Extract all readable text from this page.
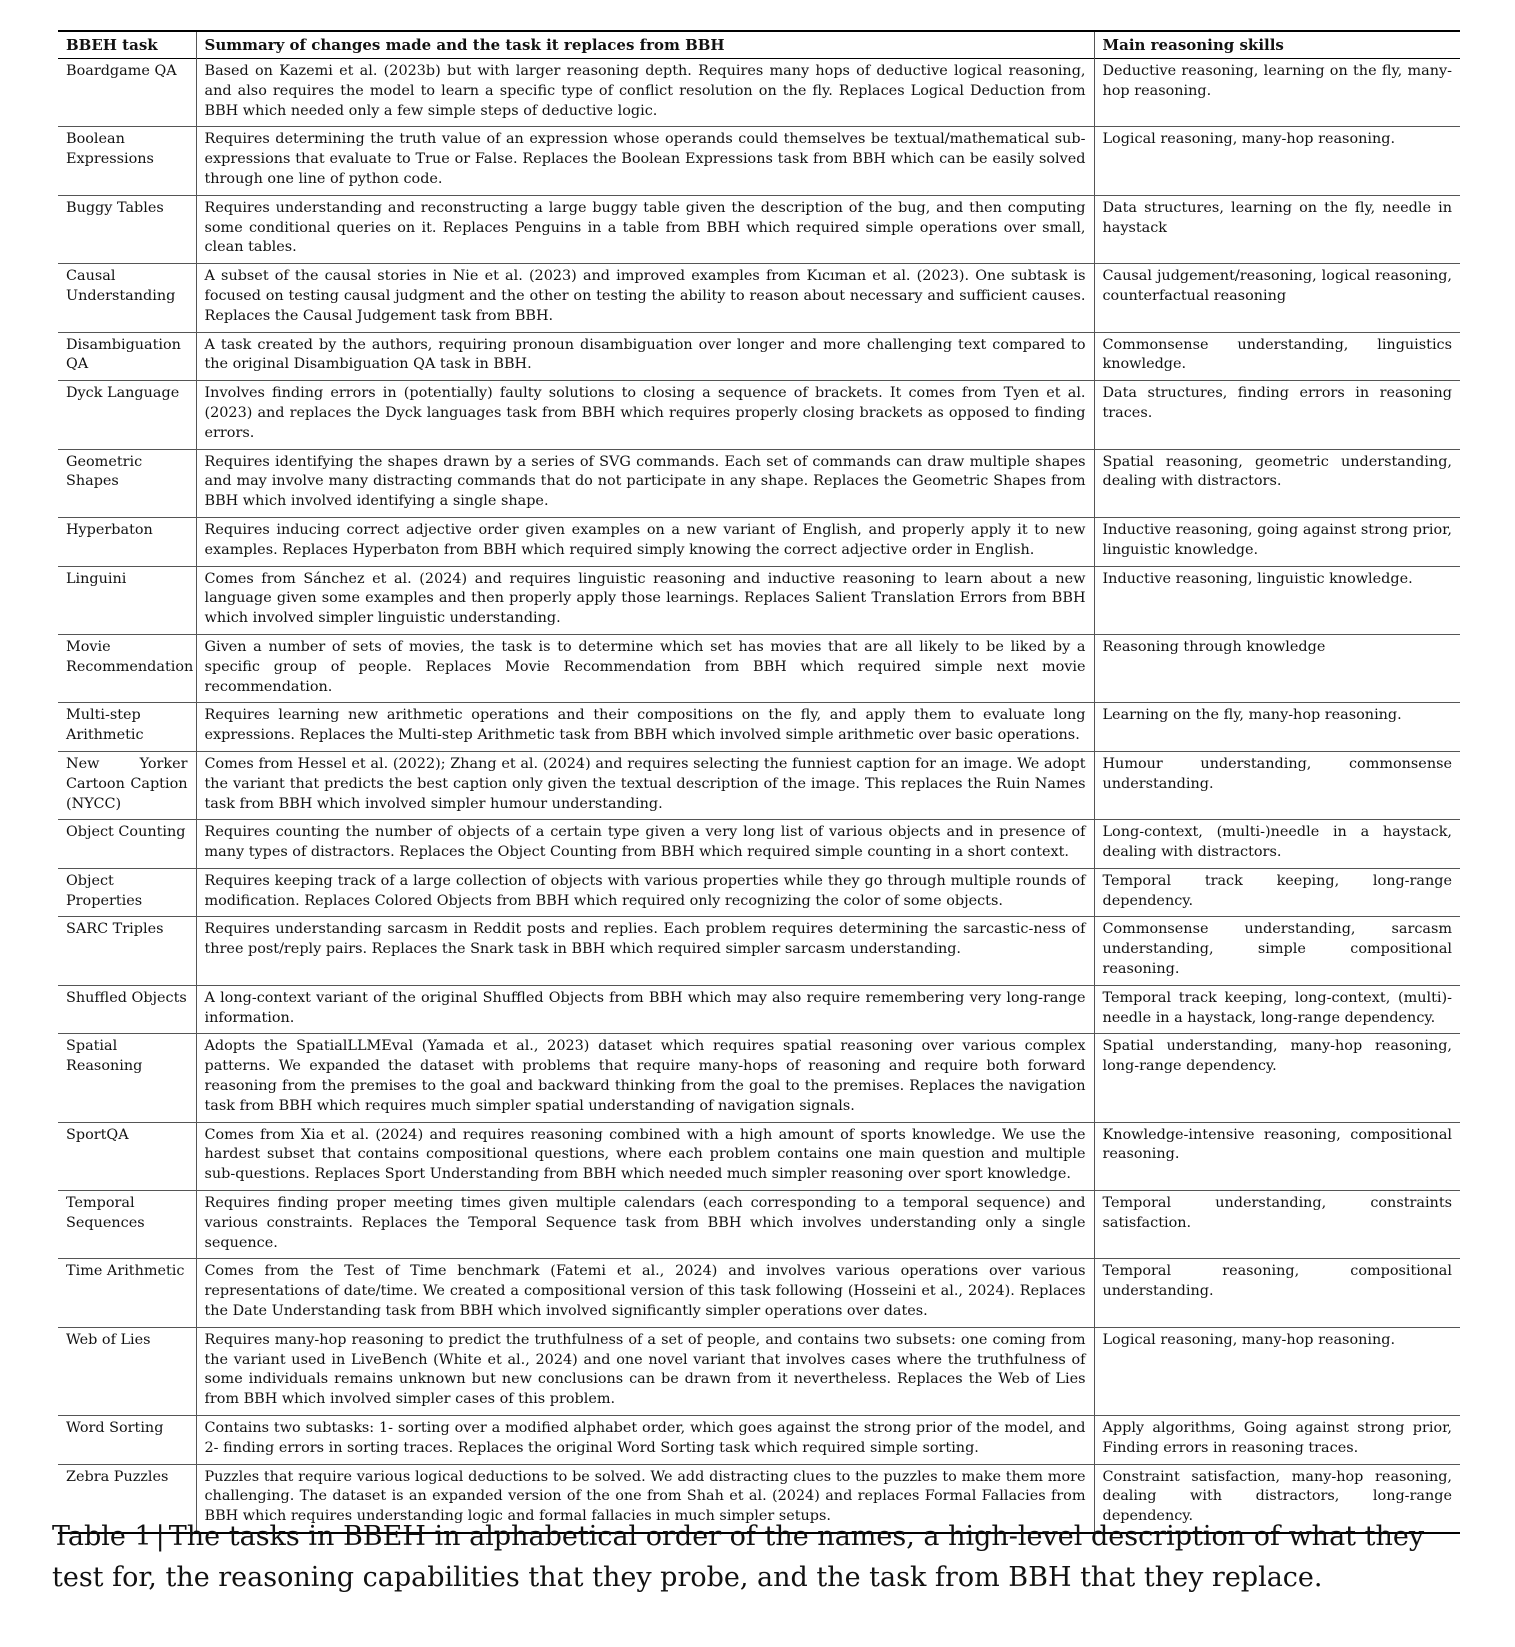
BBEH task	Summary of changes made and the task it replaces from BBH	Main reasoning skills
Boardgame QA	Based on Kazemi et al. (2023b) but with larger reasoning depth. Requires many hops of deductive logical reasoning, and also requires the model to learn a specific type of conflict resolution on the fly. Replaces Logical Deduction from BBH which needed only a few simple steps of deductive logic.	Deductive reasoning, learning on the fly, many-hop reasoning.
Boolean Expressions	Requires determining the truth value of an expression whose operands could themselves be textual/mathematical sub-expressions that evaluate to True or False. Replaces the Boolean Expressions task from BBH which can be easily solved through one line of python code.	Logical reasoning, many-hop reasoning.
Buggy Tables	Requires understanding and reconstructing a large buggy table given the description of the bug, and then computing some conditional queries on it. Replaces Penguins in a table from BBH which required simple operations over small, clean tables.	Data structures, learning on the fly, needle in haystack
Causal Understanding	A subset of the causal stories in Nie et al. (2023) and improved examples from Kıcıman et al. (2023). One subtask is focused on testing causal judgment and the other on testing the ability to reason about necessary and sufficient causes. Replaces the Causal Judgement task from BBH.	Causal judgement/reasoning, logical reasoning, counterfactual reasoning
Disambiguation QA	A task created by the authors, requiring pronoun disambiguation over longer and more challenging text compared to the original Disambiguation QA task in BBH.	Commonsense understanding, linguistics knowledge.
Dyck Language	Involves finding errors in (potentially) faulty solutions to closing a sequence of brackets. It comes from Tyen et al. (2023) and replaces the Dyck languages task from BBH which requires properly closing brackets as opposed to finding errors.	Data structures, finding errors in reasoning traces.
Geometric Shapes	Requires identifying the shapes drawn by a series of SVG commands. Each set of commands can draw multiple shapes and may involve many distracting commands that do not participate in any shape. Replaces the Geometric Shapes from BBH which involved identifying a single shape.	Spatial reasoning, geometric understanding, dealing with distractors.
Hyperbaton	Requires inducing correct adjective order given examples on a new variant of English, and properly apply it to new examples. Replaces Hyperbaton from BBH which required simply knowing the correct adjective order in English.	Inductive reasoning, going against strong prior, linguistic knowledge.
Linguini	Comes from Sánchez et al. (2024) and requires linguistic reasoning and inductive reasoning to learn about a new language given some examples and then properly apply those learnings. Replaces Salient Translation Errors from BBH which involved simpler linguistic understanding.	Inductive reasoning, linguistic knowledge.
Movie Recommendation	Given a number of sets of movies, the task is to determine which set has movies that are all likely to be liked by a specific group of people. Replaces Movie Recommendation from BBH which required simple next movie recommendation.	Reasoning through knowledge
Multi-step Arithmetic	Requires learning new arithmetic operations and their compositions on the fly, and apply them to evaluate long expressions. Replaces the Multi-step Arithmetic task from BBH which involved simple arithmetic over basic operations.	Learning on the fly, many-hop reasoning.
New Yorker Cartoon Caption (NYCC)	Comes from Hessel et al. (2022); Zhang et al. (2024) and requires selecting the funniest caption for an image. We adopt the variant that predicts the best caption only given the textual description of the image. This replaces the Ruin Names task from BBH which involved simpler humour understanding.	Humour understanding, commonsense understanding.
Object Counting	Requires counting the number of objects of a certain type given a very long list of various objects and in presence of many types of distractors. Replaces the Object Counting from BBH which required simple counting in a short context.	Long-context, (multi-)needle in a haystack, dealing with distractors.
Object Properties	Requires keeping track of a large collection of objects with various properties while they go through multiple rounds of modification. Replaces Colored Objects from BBH which required only recognizing the color of some objects.	Temporal track keeping, long-range dependency.
SARC Triples	Requires understanding sarcasm in Reddit posts and replies. Each problem requires determining the sarcastic-ness of three post/reply pairs. Replaces the Snark task in BBH which required simpler sarcasm understanding.	Commonsense understanding, sarcasm understanding, simple compositional reasoning.
Shuffled Objects	A long-context variant of the original Shuffled Objects from BBH which may also require remembering very long-range information.	Temporal track keeping, long-context, (multi)-needle in a haystack, long-range dependency.
Spatial Reasoning	Adopts the SpatialLLMEval (Yamada et al., 2023) dataset which requires spatial reasoning over various complex patterns. We expanded the dataset with problems that require many-hops of reasoning and require both forward reasoning from the premises to the goal and backward thinking from the goal to the premises. Replaces the navigation task from BBH which requires much simpler spatial understanding of navigation signals.	Spatial understanding, many-hop reasoning, long-range dependency.
SportQA	Comes from Xia et al. (2024) and requires reasoning combined with a high amount of sports knowledge. We use the hardest subset that contains compositional questions, where each problem contains one main question and multiple sub-questions. Replaces Sport Understanding from BBH which needed much simpler reasoning over sport knowledge.	Knowledge-intensive reasoning, compositional reasoning.
Temporal Sequences	Requires finding proper meeting times given multiple calendars (each corresponding to a temporal sequence) and various constraints. Replaces the Temporal Sequence task from BBH which involves understanding only a single sequence.	Temporal understanding, constraints satisfaction.
Time Arithmetic	Comes from the Test of Time benchmark (Fatemi et al., 2024) and involves various operations over various representations of date/time. We created a compositional version of this task following (Hosseini et al., 2024). Replaces the Date Understanding task from BBH which involved significantly simpler operations over dates.	Temporal reasoning, compositional understanding.
Web of Lies	Requires many-hop reasoning to predict the truthfulness of a set of people, and contains two subsets: one coming from the variant used in LiveBench (White et al., 2024) and one novel variant that involves cases where the truthfulness of some individuals remains unknown but new conclusions can be drawn from it nevertheless. Replaces the Web of Lies from BBH which involved simpler cases of this problem.	Logical reasoning, many-hop reasoning.
Word Sorting	Contains two subtasks: 1- sorting over a modified alphabet order, which goes against the strong prior of the model, and 2- finding errors in sorting traces. Replaces the original Word Sorting task which required simple sorting.	Apply algorithms, Going against strong prior, Finding errors in reasoning traces.
Zebra Puzzles	Puzzles that require various logical deductions to be solved. We add distracting clues to the puzzles to make them more challenging. The dataset is an expanded version of the one from Shah et al. (2024) and replaces Formal Fallacies from BBH which requires understanding logic and formal fallacies in much simpler setups.	Constraint satisfaction, many-hop reasoning, dealing with distractors, long-range dependency.
Table 1 | The tasks in BBEH in alphabetical order of the names, a high-level description of what they test for, the reasoning capabilities that they probe, and the task from BBH that they replace.
